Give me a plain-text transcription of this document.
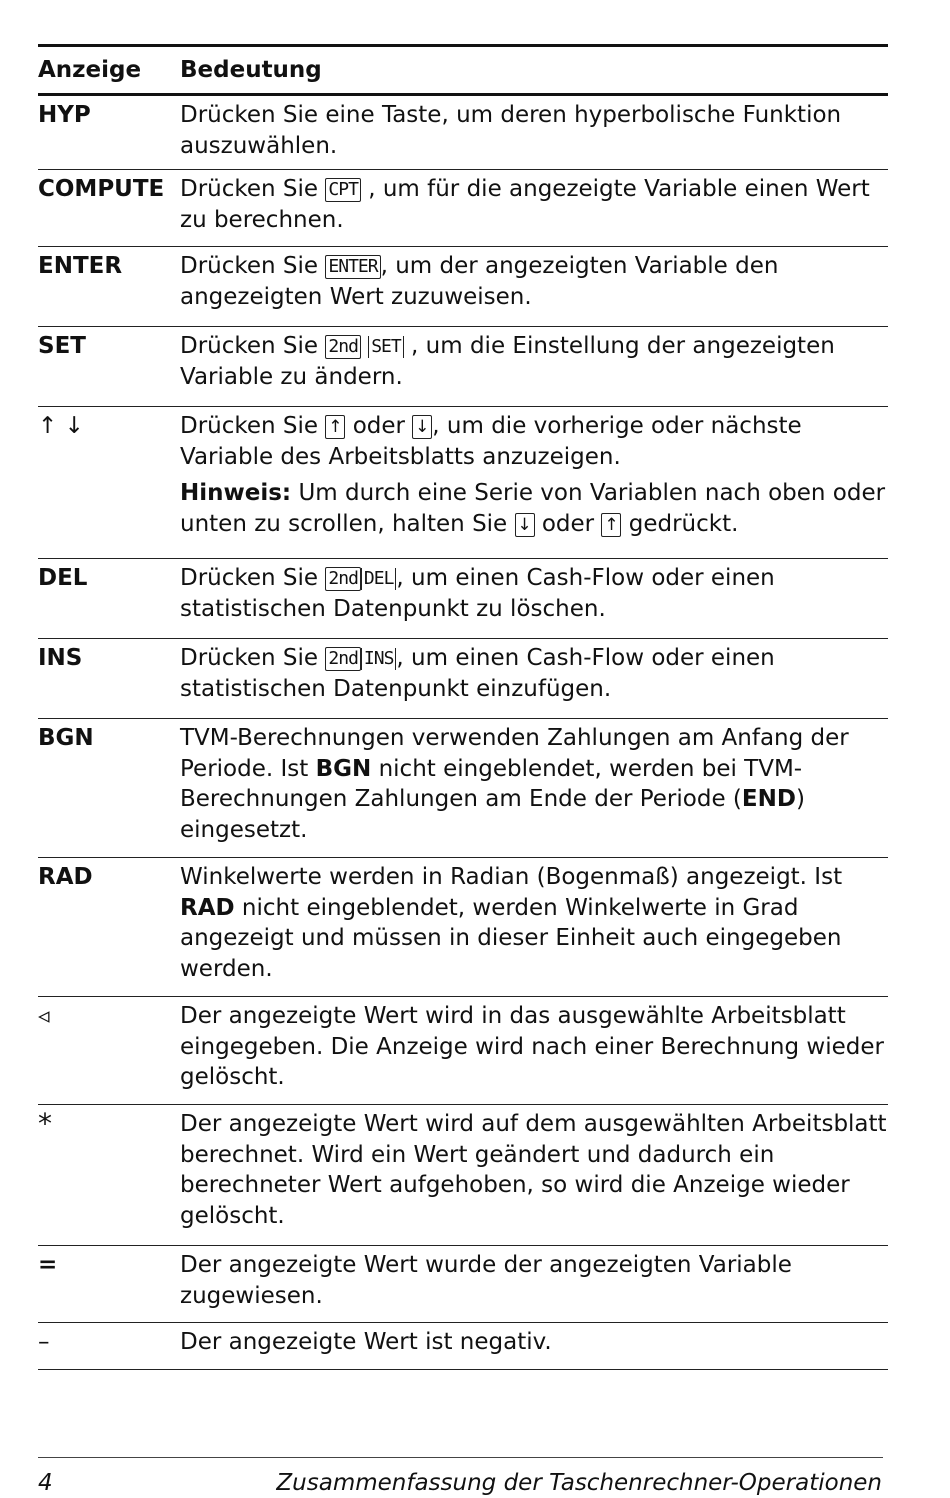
Anzeige	Bedeutung
HYP	Drücken Sie eine Taste, um deren hyperbolische Funktion auszuwählen.
COMPUTE Drücken Sie CPT , um für die angezeigte Variable einen Wert zu berechnen.
ENTER	Drücken Sie ENTER , um der angezeigten Variable den angezeigten Wert zuzuweisen.
SET	Drücken Sie 2nd SET , um die Einstellung der angezeigten Variable zu ändern.
↑ ↓	Drücken Sie ↑ oder ↓ , um die vorherige oder nächste Variable des Arbeitsblatts anzuzeigen.
Hinweis: Um durch eine Serie von Variablen nach oben oder unten zu scrollen, halten Sie ↓ oder ↑ gedrückt.
DEL	Drücken Sie 2nd DEL , um einen Cash-Flow oder einen statistischen Datenpunkt zu löschen.
INS	Drücken Sie 2nd INS , um einen Cash-Flow oder einen statistischen Datenpunkt einzufügen.
BGN	TVM-Berechnungen verwenden Zahlungen am Anfang der Periode. Ist BGN nicht eingeblendet, werden bei TVM-Berechnungen Zahlungen am Ende der Periode (END) eingesetzt.
RAD	Winkelwerte werden in Radian (Bogenmaß) angezeigt. Ist RAD nicht eingeblendet, werden Winkelwerte in Grad angezeigt und müssen in dieser Einheit auch eingegeben werden.
◃	Der angezeigte Wert wird in das ausgewählte Arbeitsblatt eingegeben. Die Anzeige wird nach einer Berechnung wieder gelöscht.
*	Der angezeigte Wert wird auf dem ausgewählten Arbeitsblatt berechnet. Wird ein Wert geändert und dadurch ein berechneter Wert aufgehoben, so wird die Anzeige wieder gelöscht.
=	Der angezeigte Wert wurde der angezeigten Variable zugewiesen.
–	Der angezeigte Wert ist negativ.
4	Zusammenfassung der Taschenrechner-Operationen
